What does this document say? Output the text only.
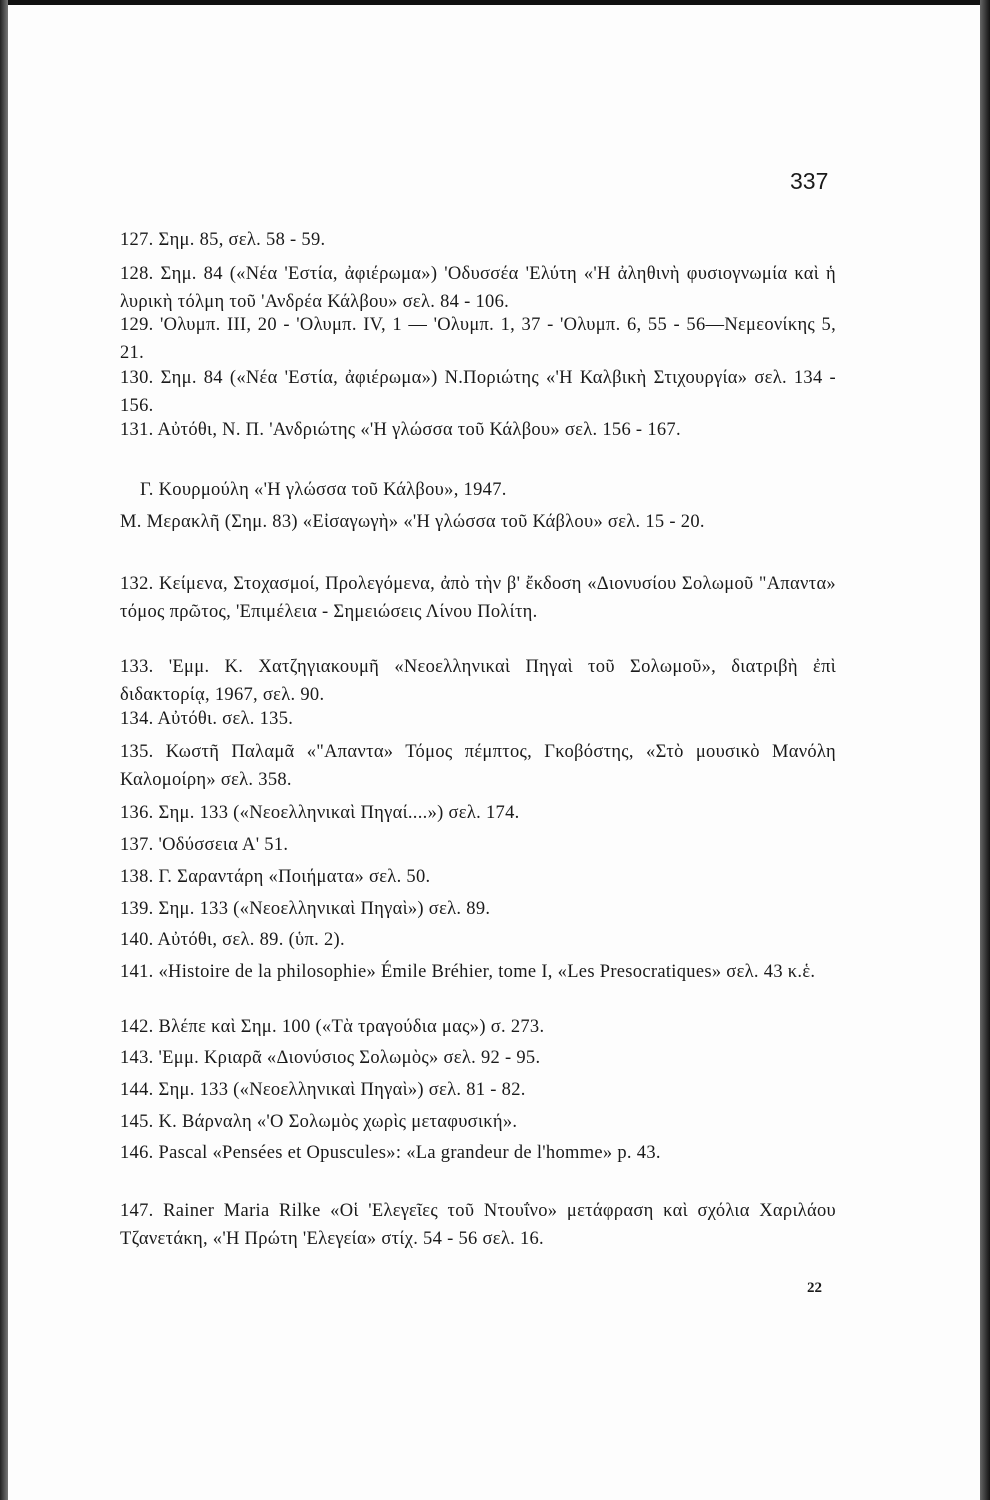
337

127. Σημ. 85, σελ. 58 - 59.

128. Σημ. 84 («Νέα 'Εστία, ἀφιέρωμα») 'Οδυσσέα 'Ελύτη «'Η ἀληθινὴ φυσιογνωμία καὶ ἡ λυρικὴ τόλμη τοῦ 'Ανδρέα Κάλβου» σελ. 84 - 106.

129. 'Ολυμπ. III, 20 - 'Ολυμπ. IV, 1 — 'Ολυμπ. 1, 37 - 'Ολυμπ. 6, 55 - 56—Νεμεονίκης 5, 21.

130. Σημ. 84 («Νέα 'Εστία, ἀφιέρωμα») Ν.Ποριώτης «'Η Καλβικὴ Στιχουργία» σελ. 134 - 156.

131. Αὐτόθι, Ν. Π. 'Ανδριώτης «'Η γλώσσα τοῦ Κάλβου» σελ. 156 - 167.

Γ. Κουρμούλη «'Η γλώσσα τοῦ Κάλβου», 1947.

Μ. Μερακλῆ (Σημ. 83) «Εἰσαγωγὴ» «'Η γλώσσα τοῦ Κάβλου» σελ. 15 - 20.

132. Κείμενα, Στοχασμοί, Προλεγόμενα, ἀπὸ τὴν β' ἔκδοση «Διονυσίου Σολωμοῦ "Απαντα» τόμος πρῶτος, 'Επιμέλεια - Σημειώσεις Λίνου Πολίτη.

133. 'Εμμ. Κ. Χατζηγιακουμῆ «Νεοελληνικαὶ Πηγαὶ τοῦ Σολωμοῦ», διατριβὴ ἐπὶ διδακτορίᾳ, 1967, σελ. 90.

134. Αὐτόθι. σελ. 135.

135. Κωστῆ Παλαμᾶ «"Απαντα» Τόμος πέμπτος, Γκοβόστης, «Στὸ μουσικὸ Μανόλη Καλομοίρη» σελ. 358.

136. Σημ. 133 («Νεοελληνικαὶ Πηγαί....») σελ. 174.

137. 'Οδύσσεια Α' 51.

138. Γ. Σαραντάρη «Ποιήματα» σελ. 50.

139. Σημ. 133 («Νεοελληνικαὶ Πηγαὶ») σελ. 89.

140. Αὐτόθι, σελ. 89. (ὑπ. 2).

141. «Histoire de la philosophie» Émile Bréhier, tome I, «Les Presocratiques» σελ. 43 κ.ἑ.

142. Βλέπε καὶ Σημ. 100 («Τὰ τραγούδια μας») σ. 273.

143. 'Εμμ. Κριαρᾶ «Διονύσιος Σολωμὸς» σελ. 92 - 95.

144. Σημ. 133 («Νεοελληνικαὶ Πηγαὶ») σελ. 81 - 82.

145. Κ. Βάρναλη «'Ο Σολωμὸς χωρὶς μεταφυσική».

146. Pascal «Pensées et Opuscules»: «La grandeur de l'homme» p. 43.

147. Rainer Maria Rilke «Οἱ 'Ελεγεῖες τοῦ Ντουΐνο» μετάφραση καὶ σχόλια Χαριλάου Τζανετάκη, «'Η Πρώτη 'Ελεγεία» στίχ. 54 - 56 σελ. 16.

22
